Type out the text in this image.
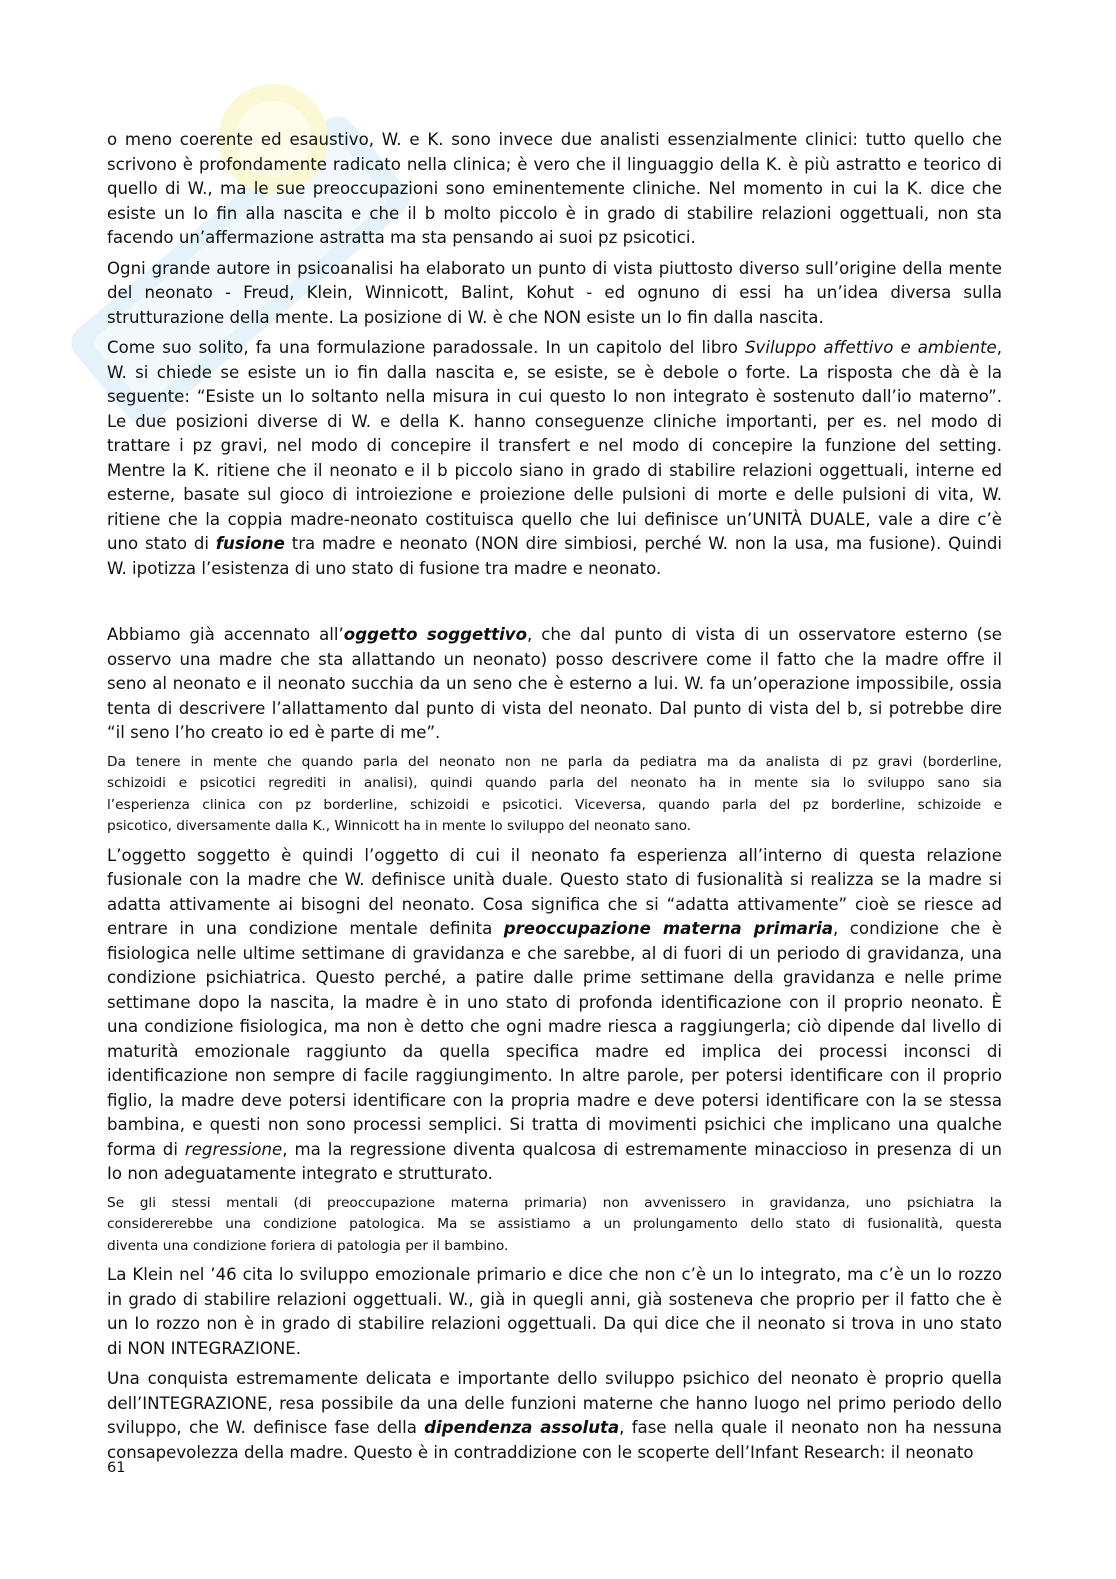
o meno coerente ed esaustivo, W. e K. sono invece due analisti essenzialmente clinici: tutto quello che
scrivono è profondamente radicato nella clinica; è vero che il linguaggio della K. è più astratto e teorico di
quello di W., ma le sue preoccupazioni sono eminentemente cliniche. Nel momento in cui la K. dice che
esiste un Io fin alla nascita e che il b molto piccolo è in grado di stabilire relazioni oggettuali, non sta
facendo un’affermazione astratta ma sta pensando ai suoi pz psicotici.

Ogni grande autore in psicoanalisi ha elaborato un punto di vista piuttosto diverso sull’origine della mente
del neonato - Freud, Klein, Winnicott, Balint, Kohut - ed ognuno di essi ha un’idea diversa sulla
strutturazione della mente. La posizione di W. è che NON esiste un Io fin dalla nascita.

Come suo solito, fa una formulazione paradossale. In un capitolo del libro Sviluppo affettivo e ambiente,
W. si chiede se esiste un io fin dalla nascita e, se esiste, se è debole o forte. La risposta che dà è la
seguente: “Esiste un Io soltanto nella misura in cui questo Io non integrato è sostenuto dall’io materno”.
Le due posizioni diverse di W. e della K. hanno conseguenze cliniche importanti, per es. nel modo di
trattare i pz gravi, nel modo di concepire il transfert e nel modo di concepire la funzione del setting.
Mentre la K. ritiene che il neonato e il b piccolo siano in grado di stabilire relazioni oggettuali, interne ed
esterne, basate sul gioco di introiezione e proiezione delle pulsioni di morte e delle pulsioni di vita, W.
ritiene che la coppia madre-neonato costituisca quello che lui definisce un’UNITÀ DUALE, vale a dire c’è
uno stato di fusione tra madre e neonato (NON dire simbiosi, perché W. non la usa, ma fusione). Quindi
W. ipotizza l’esistenza di uno stato di fusione tra madre e neonato.

Abbiamo già accennato all’oggetto soggettivo, che dal punto di vista di un osservatore esterno (se
osservo una madre che sta allattando un neonato) posso descrivere come il fatto che la madre offre il
seno al neonato e il neonato succhia da un seno che è esterno a lui. W. fa un’operazione impossibile, ossia
tenta di descrivere l’allattamento dal punto di vista del neonato. Dal punto di vista del b, si potrebbe dire
“il seno l’ho creato io ed è parte di me”.

Da tenere in mente che quando parla del neonato non ne parla da pediatra ma da analista di pz gravi (borderline,
schizoidi e psicotici regrediti in analisi), quindi quando parla del neonato ha in mente sia lo sviluppo sano sia
l’esperienza clinica con pz borderline, schizoidi e psicotici. Viceversa, quando parla del pz borderline, schizoide e
psicotico, diversamente dalla K., Winnicott ha in mente lo sviluppo del neonato sano.

L’oggetto soggetto è quindi l’oggetto di cui il neonato fa esperienza all’interno di questa relazione
fusionale con la madre che W. definisce unità duale. Questo stato di fusionalità si realizza se la madre si
adatta attivamente ai bisogni del neonato. Cosa significa che si “adatta attivamente” cioè se riesce ad
entrare in una condizione mentale definita preoccupazione materna primaria, condizione che è
fisiologica nelle ultime settimane di gravidanza e che sarebbe, al di fuori di un periodo di gravidanza, una
condizione psichiatrica. Questo perché, a patire dalle prime settimane della gravidanza e nelle prime
settimane dopo la nascita, la madre è in uno stato di profonda identificazione con il proprio neonato. È
una condizione fisiologica, ma non è detto che ogni madre riesca a raggiungerla; ciò dipende dal livello di
maturità emozionale raggiunto da quella specifica madre ed implica dei processi inconsci di
identificazione non sempre di facile raggiungimento. In altre parole, per potersi identificare con il proprio
figlio, la madre deve potersi identificare con la propria madre e deve potersi identificare con la se stessa
bambina, e questi non sono processi semplici. Si tratta di movimenti psichici che implicano una qualche
forma di regressione, ma la regressione diventa qualcosa di estremamente minaccioso in presenza di un
Io non adeguatamente integrato e strutturato.

Se gli stessi mentali (di preoccupazione materna primaria) non avvenissero in gravidanza, uno psichiatra la
considererebbe una condizione patologica. Ma se assistiamo a un prolungamento dello stato di fusionalità, questa
diventa una condizione foriera di patologia per il bambino.

La Klein nel ’46 cita lo sviluppo emozionale primario e dice che non c’è un Io integrato, ma c’è un Io rozzo
in grado di stabilire relazioni oggettuali. W., già in quegli anni, già sosteneva che proprio per il fatto che è
un Io rozzo non è in grado di stabilire relazioni oggettuali. Da qui dice che il neonato si trova in uno stato
di NON INTEGRAZIONE.

Una conquista estremamente delicata e importante dello sviluppo psichico del neonato è proprio quella
dell’INTEGRAZIONE, resa possibile da una delle funzioni materne che hanno luogo nel primo periodo dello
sviluppo, che W. definisce fase della dipendenza assoluta, fase nella quale il neonato non ha nessuna
consapevolezza della madre. Questo è in contraddizione con le scoperte dell’Infant Research: il neonato

61
